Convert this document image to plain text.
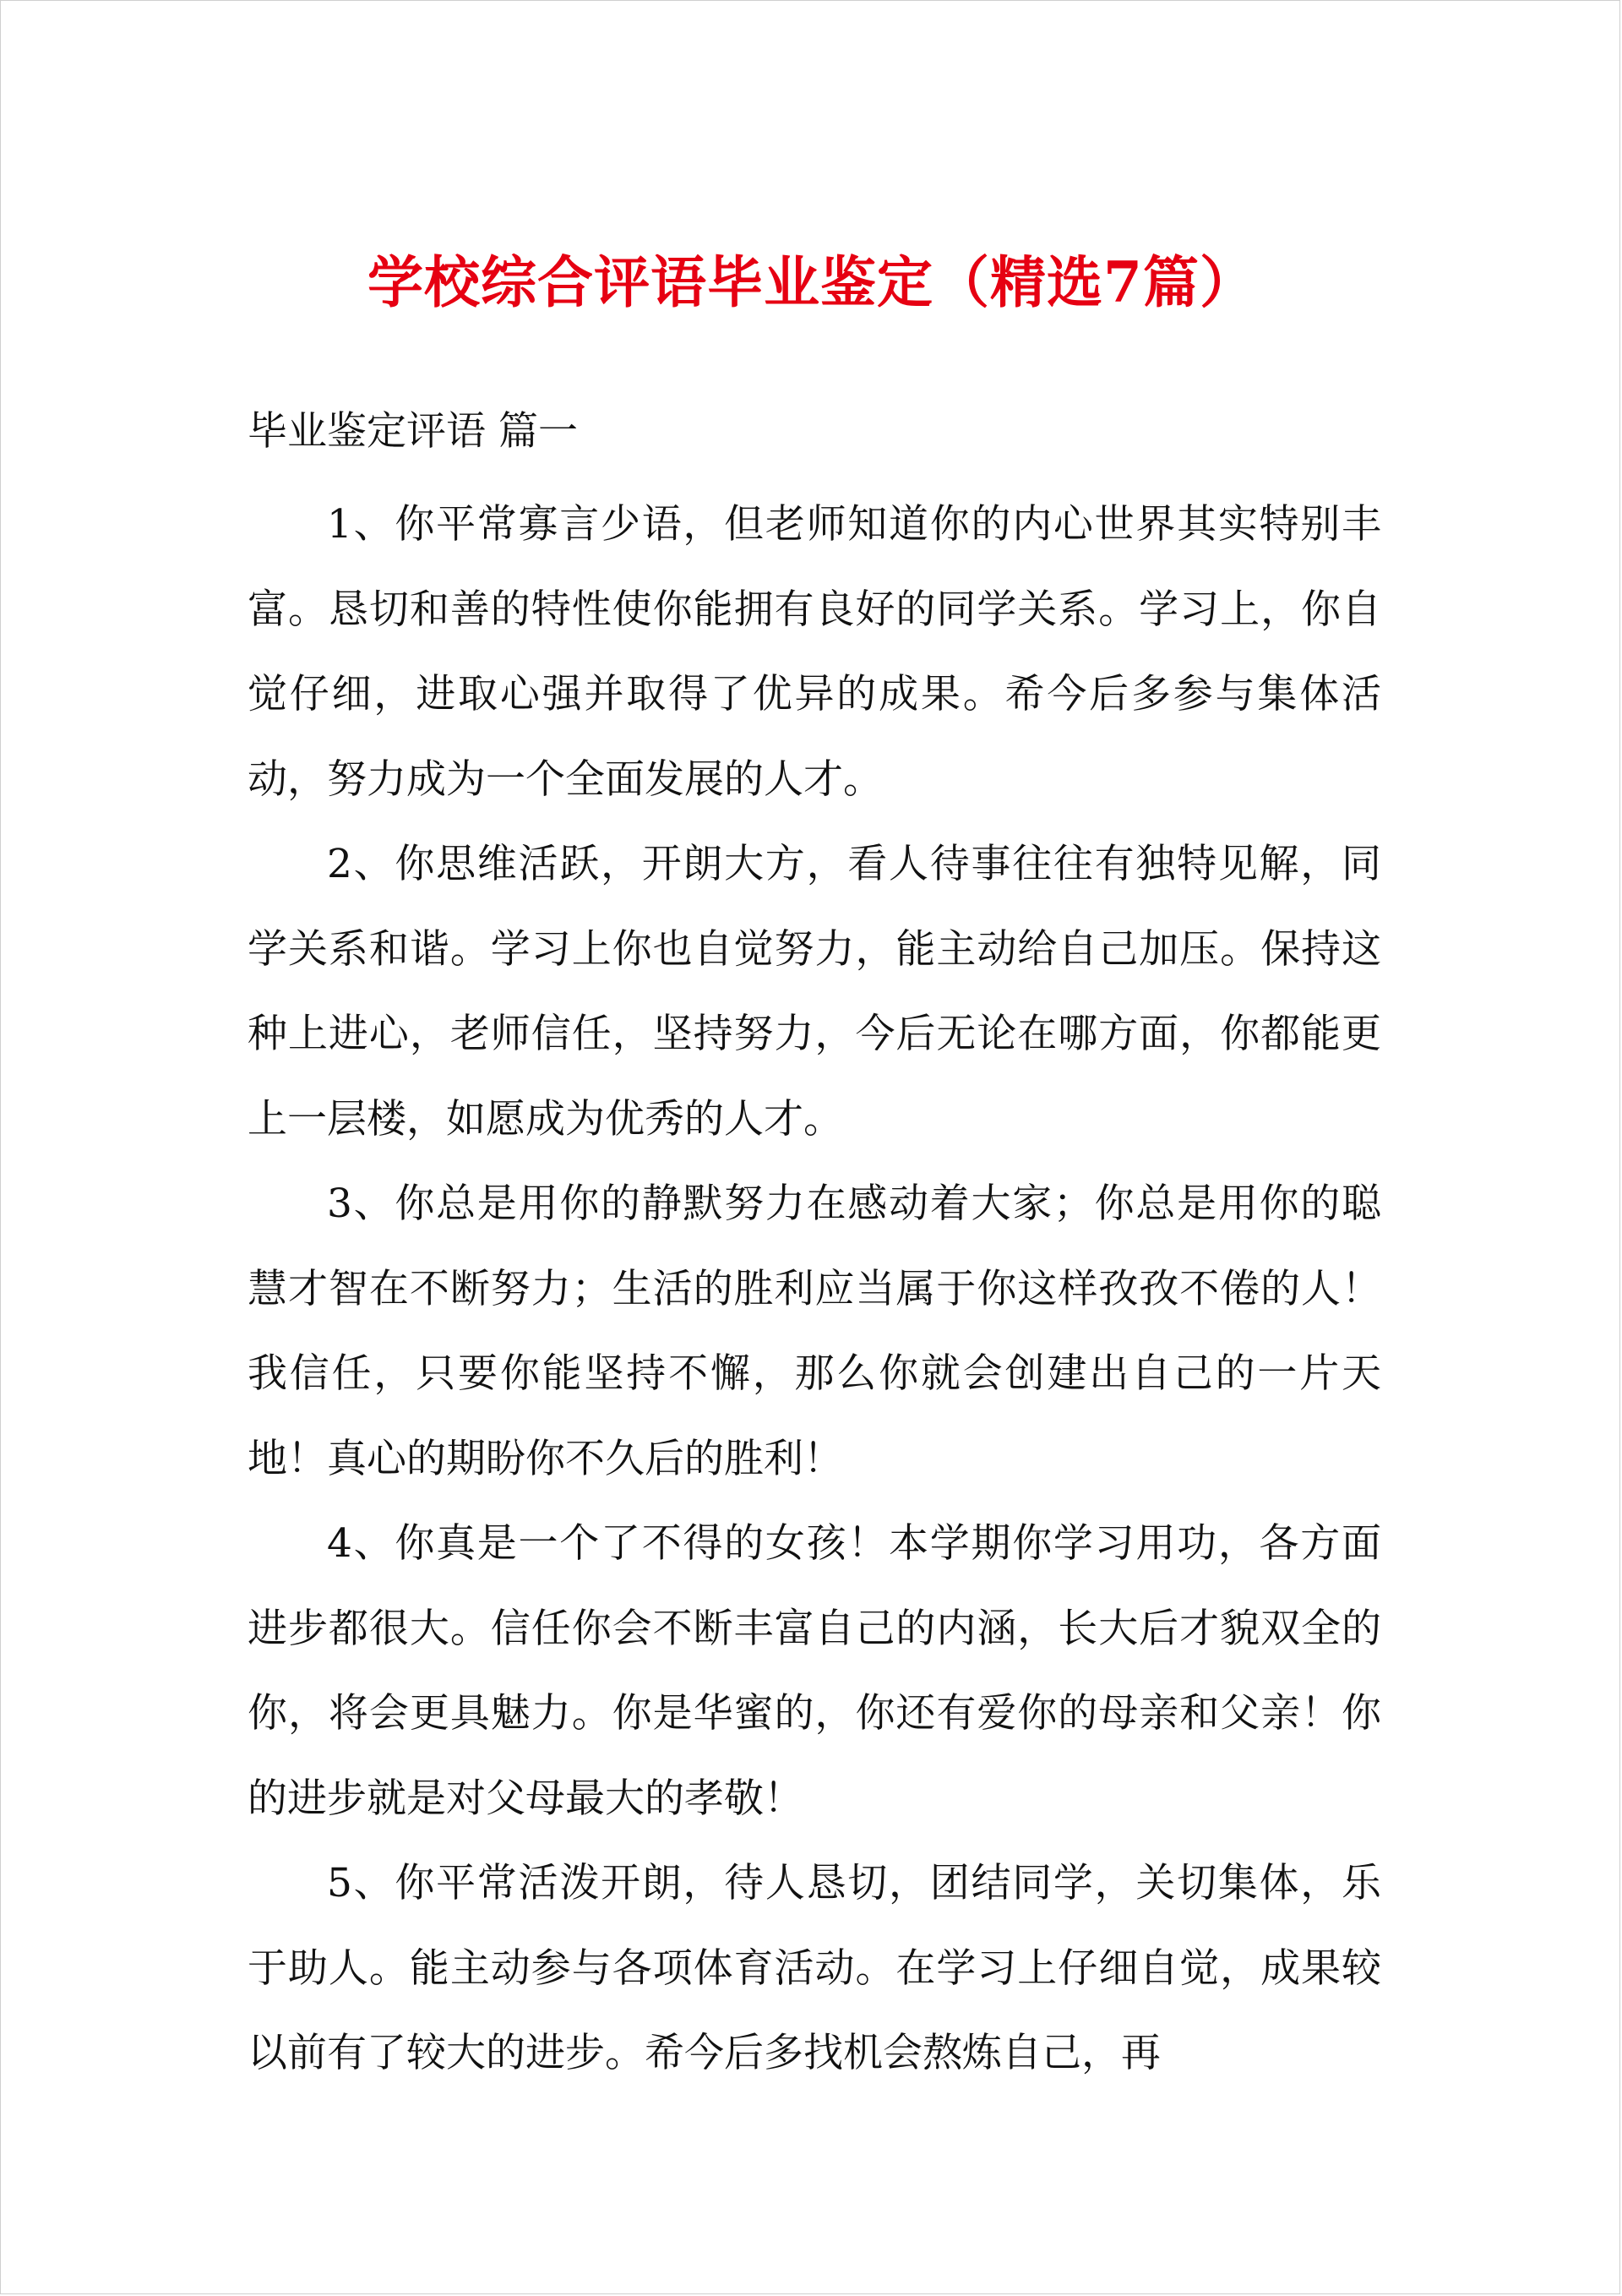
学校综合评语毕业鉴定（精选7篇）
毕业鉴定评语 篇一

1、你平常寡言少语，但老师知道你的内心世界其实特别丰富。恳切和善的特性使你能拥有良好的同学关系。学习上，你自觉仔细，进取心强并取得了优异的成果。希今后多参与集体活动，努力成为一个全面发展的人才。

2、你思维活跃，开朗大方，看人待事往往有独特见解，同学关系和谐。学习上你也自觉努力，能主动给自己加压。保持这种上进心，老师信任，坚持努力，今后无论在哪方面，你都能更上一层楼，如愿成为优秀的人才。

3、你总是用你的静默努力在感动着大家；你总是用你的聪慧才智在不断努力；生活的胜利应当属于你这样孜孜不倦的人！我信任，只要你能坚持不懈，那么你就会创建出自己的一片天地！真心的期盼你不久后的胜利！

4、你真是一个了不得的女孩！本学期你学习用功，各方面进步都很大。信任你会不断丰富自己的内涵，长大后才貌双全的你，将会更具魅力。你是华蜜的，你还有爱你的母亲和父亲！你的进步就是对父母最大的孝敬！

5、你平常活泼开朗，待人恳切，团结同学，关切集体，乐于助人。能主动参与各项体育活动。在学习上仔细自觉，成果较以前有了较大的进步。希今后多找机会熬炼自己，再
